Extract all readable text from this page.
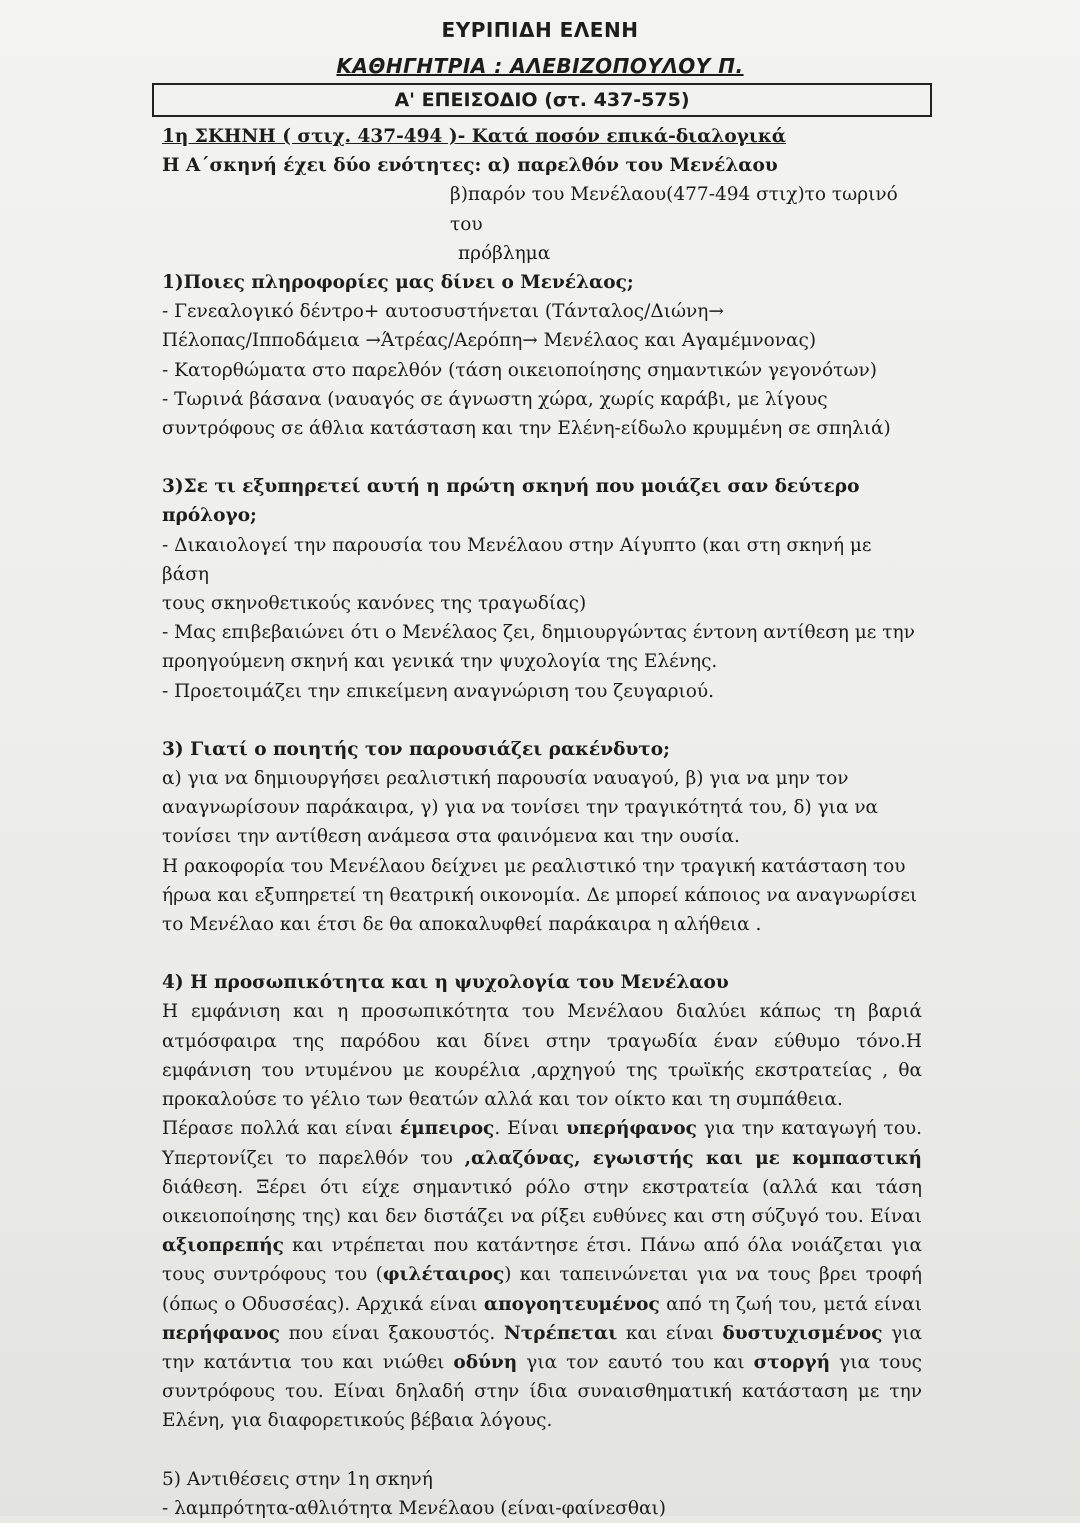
ΕΥΡΙΠΙΔΗ ΕΛΕΝΗ
ΚΑΘΗΓΗΤΡΙΑ : ΑΛΕΒΙΖΟΠΟΥΛΟΥ Π.
Α' ΕΠΕΙΣΟΔΙΟ (στ. 437-575)

1η ΣΚΗΝΗ ( στιχ. 437-494 )- Κατά ποσόν επικά-διαλογικά

Η Α΄σκηνή έχει δύο ενότητες: α) παρελθόν του Μενέλαου

β)παρόν του Μενέλαου(477-494 στιχ)το τωρινό του

πρόβλημα

1)Ποιες πληροφορίες μας δίνει ο Μενέλαος;

- Γενεαλογικό δέντρο+ αυτοσυστήνεται (Τάνταλος/Διώνη→

Πέλοπας/Ιπποδάμεια →Άτρέας/Αερόπη→ Μενέλαος και Αγαμέμνονας)

- Κατορθώματα στο παρελθόν (τάση οικειοποίησης σημαντικών γεγονότων)

- Τωρινά βάσανα (ναυαγός σε άγνωστη χώρα, χωρίς καράβι, με λίγους

συντρόφους σε άθλια κατάσταση και την Ελένη-είδωλο κρυμμένη σε σπηλιά)

3)Σε τι εξυπηρετεί αυτή η πρώτη σκηνή που μοιάζει σαν δεύτερο πρόλογο;

- Δικαιολογεί την παρουσία του Μενέλαου στην Αίγυπτο (και στη σκηνή με βάση

τους σκηνοθετικούς κανόνες της τραγωδίας)

- Μας επιβεβαιώνει ότι ο Μενέλαος ζει, δημιουργώντας έντονη αντίθεση με την

προηγούμενη σκηνή και γενικά την ψυχολογία της Ελένης.

- Προετοιμάζει την επικείμενη αναγνώριση του ζευγαριού.

3) Γιατί ο ποιητής τον παρουσιάζει ρακένδυτο;

α) για να δημιουργήσει ρεαλιστική παρουσία ναυαγού, β) για να μην τον

αναγνωρίσουν παράκαιρα, γ) για να τονίσει την τραγικότητά του, δ) για να

τονίσει την αντίθεση ανάμεσα στα φαινόμενα και την ουσία.

Η ρακοφορία του Μενέλαου δείχνει με ρεαλιστικό την τραγική κατάσταση του

ήρωα και εξυπηρετεί τη θεατρική οικονομία. Δε μπορεί κάποιος να αναγνωρίσει

το Μενέλαο και έτσι δε θα αποκαλυφθεί παράκαιρα η αλήθεια .

4) Η προσωπικότητα και η ψυχολογία του Μενέλαου

Η εμφάνιση και η προσωπικότητα του Μενέλαου διαλύει κάπως τη βαριά ατμόσφαιρα της παρόδου και δίνει στην τραγωδία έναν εύθυμο τόνο.Η εμφάνιση του ντυμένου με κουρέλια ,αρχηγού της τρωϊκής εκστρατείας , θα προκαλούσε το γέλιο των θεατών αλλά και τον οίκτο και τη συμπάθεια.

Πέρασε πολλά και είναι έμπειρος. Είναι υπερήφανος για την καταγωγή του. Υπερτονίζει το παρελθόν του ,αλαζόνας, εγωιστής και με κομπαστική διάθεση. Ξέρει ότι είχε σημαντικό ρόλο στην εκστρατεία (αλλά και τάση οικειοποίησης της) και δεν διστάζει να ρίξει ευθύνες και στη σύζυγό του. Είναι αξιοπρεπής και ντρέπεται που κατάντησε έτσι. Πάνω από όλα νοιάζεται για τους συντρόφους του (φιλέταιρος) και ταπεινώνεται για να τους βρει τροφή (όπως ο Οδυσσέας). Αρχικά είναι απογοητευμένος από τη ζωή του, μετά είναι περήφανος που είναι ξακουστός. Ντρέπεται και είναι δυστυχισμένος για την κατάντια του και νιώθει οδύνη για τον εαυτό του και στοργή για τους συντρόφους του. Είναι δηλαδή στην ίδια συναισθηματική κατάσταση με την Ελένη, για διαφορετικούς βέβαια λόγους.

5) Αντιθέσεις στην 1η σκηνή

- λαμπρότητα-αθλιότητα Μενέλαου (είναι-φαίνεσθαι)
